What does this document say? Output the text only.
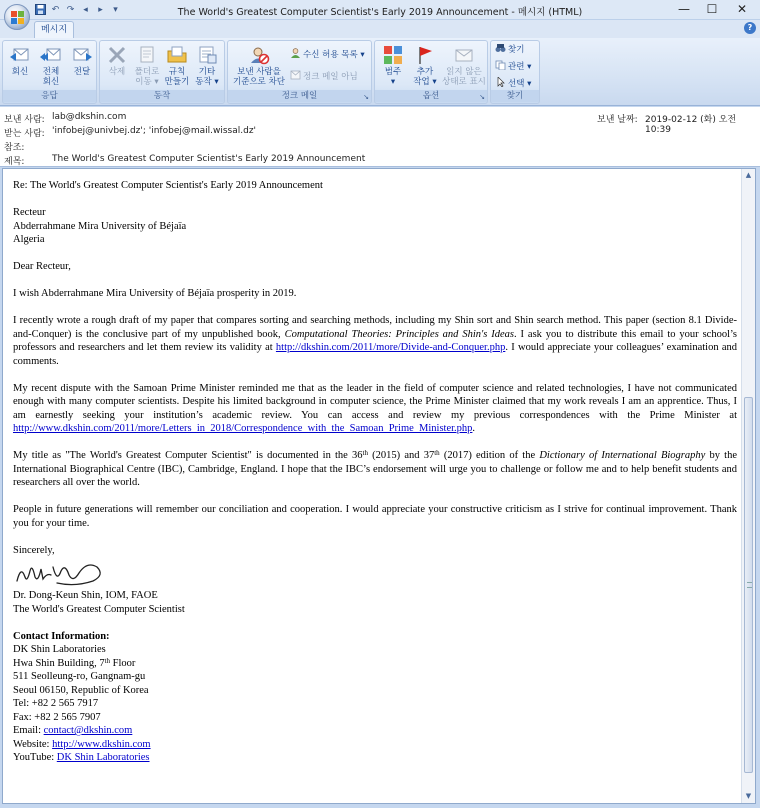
↶ ↷ ◂	▸	▾	The World's Greatest Computer Scientist's Early 2019 Announcement - 메시지 (HTML)	—	☐	✕
메시지	?
회신	전체
회신
전달

응답
삭제	폴더로
이동 ▾
규칙
만들기
기타
동작 ▾
동작
보낸 사람을
기준으로 차단
수신 허용 목록 ▾
정크 메일 아님
정크 메일	↘
범주
▾
추가
작업 ▾
읽지 않은
상태로 표시
옵션	↘
찾기
관련 ▾
선택 ▾
찾기
보낸 사람: lab@dkshin.com
받는 사람: 'infobej@univbej.dz'; 'infobej@mail.wissal.dz'
참조:
제목:	The World's Greatest Computer Scientist's Early 2019 Announcement
보낸 날짜: 2019-02-12 (화) 오전 10:39

Re: The World's Greatest Computer Scientist's Early 2019 Announcement

Recteur
Abderrahmane Mira University of Béjaïa
Algeria

Dear Recteur,

I wish Abderrahmane Mira University of Béjaïa prosperity in 2019.

I recently wrote a rough draft of my paper that compares sorting and searching methods, including my Shin sort and Shin search method. This paper (section 8.1 Divide-and-Conquer) is the conclusive part of my unpublished book, Computational Theories: Principles and Shin's Ideas. I ask you to distribute this email to your school’s professors and researchers and let them review its validity at http://dkshin.com/2011/more/Divide-and-Conquer.php. I would appreciate your colleagues’ examination and comments.

My recent dispute with the Samoan Prime Minister reminded me that as the leader in the field of computer science and related technologies, I have not communicated enough with many computer scientists. Despite his limited background in computer science, the Prime Minister claimed that my work reveals I am an apprentice. Thus, I am earnestly seeking your institution’s academic review. You can access and review my previous correspondences with the Prime Minister at http://www.dkshin.com/2011/more/Letters_in_2018/Correspondence_with_the_Samoan_Prime_Minister.php.

My title as "The World's Greatest Computer Scientist" is documented in the 36th (2015) and 37th (2017) edition of the Dictionary of International Biography by the International Biographical Centre (IBC), Cambridge, England. I hope that the IBC’s endorsement will urge you to challenge or follow me and to help benefit students and researchers all over the world.

People in future generations will remember our conciliation and cooperation. I would appreciate your constructive criticism as I strive for continual improvement. Thank you for your time.

Sincerely,
Dr. Dong-Keun Shin, IOM, FAOE

The World's Greatest Computer Scientist

Contact Information:
DK Shin Laboratories
Hwa Shin Building, 7th Floor
511 Seolleung-ro, Gangnam-gu
Seoul 06150, Republic of Korea
Tel: +82 2 565 7917
Fax: +82 2 565 7907
Email: contact@dkshin.com
Website: http://www.dkshin.com
YouTube: DK Shin Laboratories
▲
▼
